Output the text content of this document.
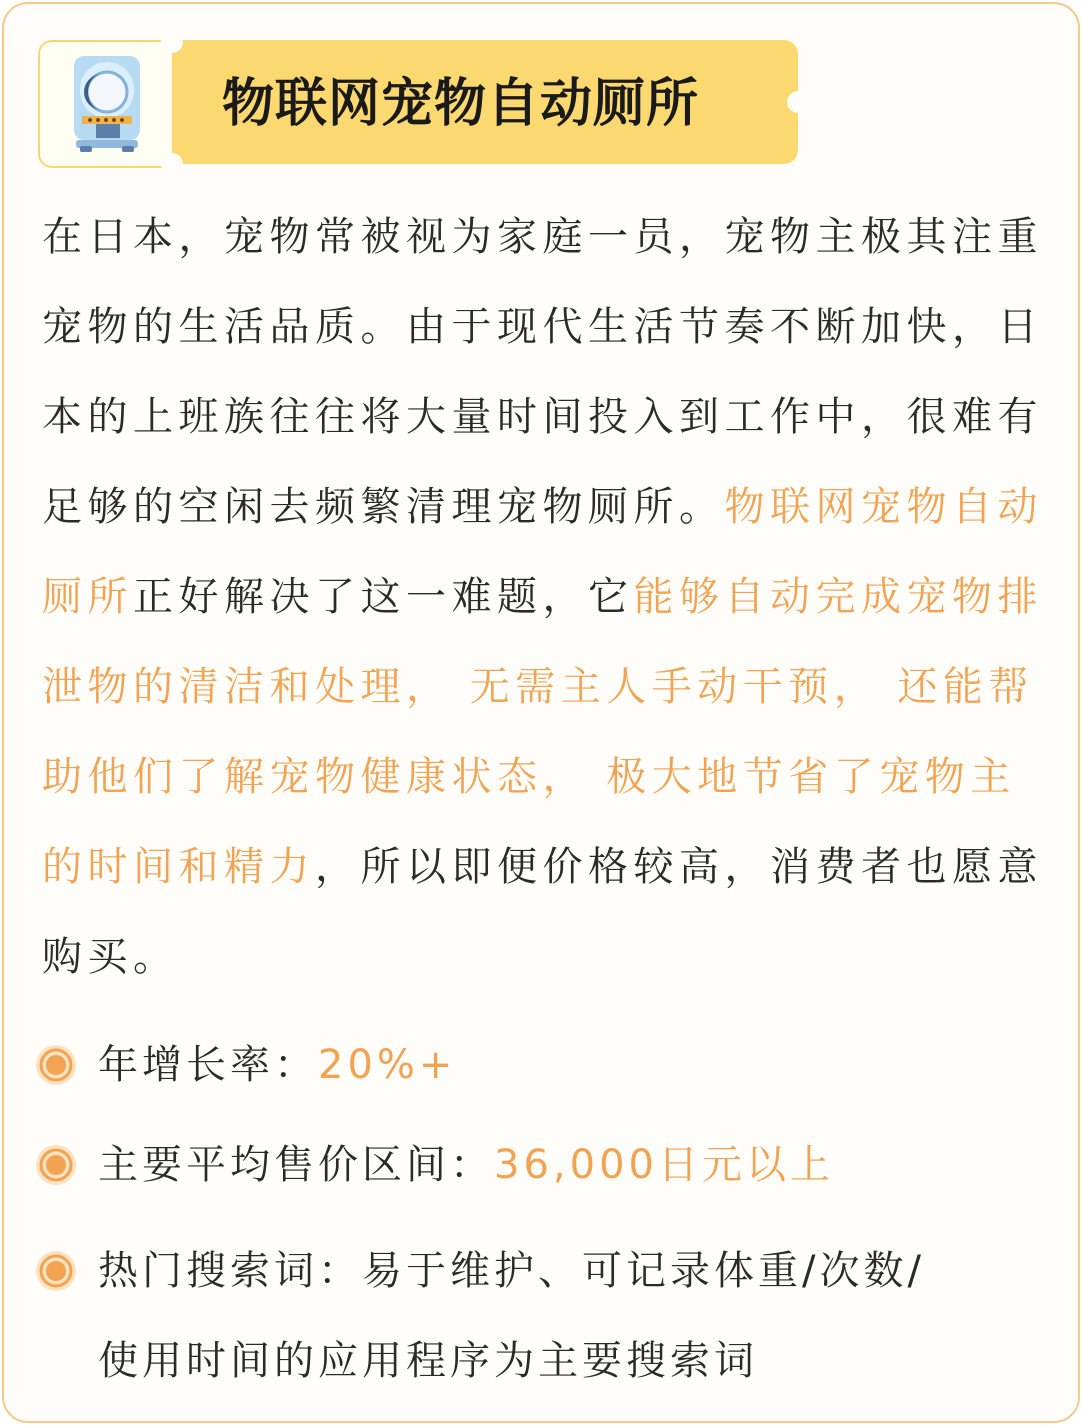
物联网宠物自动厕所
在日本，宠物常被视为家庭一员，宠物主极其注重宠物的生活品质。由于现代生活节奏不断加快，日本的上班族往往将大量时间投入到工作中，很难有足够的空闲去频繁清理宠物厕所。物联网宠物自动厕所正好解决了这一难题，它能够自动完成宠物排泄物的清洁和处理， 无需主人手动干预， 还能帮助他们了解宠物健康状态， 极大地节省了宠物主的时间和精力，所以即便价格较高，消费者也愿意购买。
年增长率：20%+
主要平均售价区间：36,000日元以上
热门搜索词：易于维护、可记录体重/次数/
使用时间的应用程序为主要搜索词
